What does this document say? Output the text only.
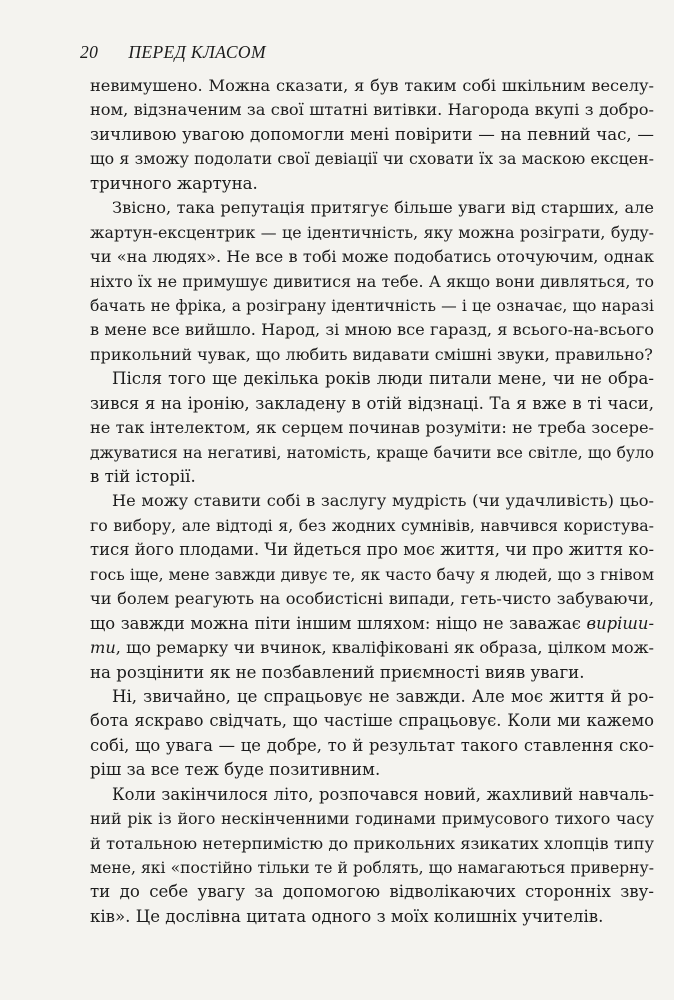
20 ПЕРЕД КЛАСОМ
невимушено. Можна сказати, я був таким собі шкільним веселу-
ном, відзначеним за свої штатні витівки. Нагорода вкупі з добро-
зичливою увагою допомогли мені повірити — на певний час, —
що я зможу подолати свої девіації чи сховати їх за маскою ексцен-
тричного жартуна.
Звісно, така репутація притягує більше уваги від старших, але
жартун-ексцентрик — це ідентичність, яку можна розіграти, буду-
чи «на людях». Не все в тобі може подобатись оточуючим, однак
ніхто їх не примушує дивитися на тебе. А якщо вони дивляться, то
бачать не фріка, а розіграну ідентичність — і це означає, що наразі
в мене все вийшло. Народ, зі мною все гаразд, я всього-на-всього
прикольний чувак, що любить видавати смішні звуки, правильно?
Після того ще декілька років люди питали мене, чи не обра-
зився я на іронію, закладену в отій відзнаці. Та я вже в ті часи,
не так інтелектом, як серцем починав розуміти: не треба зосере-
джуватися на негативі, натомість, краще бачити все світле, що було
в тій історії.
Не можу ставити собі в заслугу мудрість (чи удачливість) цьо-
го вибору, але відтоді я, без жодних сумнівів, навчився користува-
тися його плодами. Чи йдеться про моє життя, чи про життя ко-
гось іще, мене завжди дивує те, як часто бачу я людей, що з гнівом
чи болем реагують на особистісні випади, геть-чисто забуваючи,
що завжди можна піти іншим шляхом: ніщо не заважає виріши-
ти, що ремарку чи вчинок, кваліфіковані як образа, цілком мож-
на розцінити як не позбавлений приємності вияв уваги.
Ні, звичайно, це спрацьовує не завжди. Але моє життя й ро-
бота яскраво свідчать, що частіше спрацьовує. Коли ми кажемо
собі, що увага — це добре, то й результат такого ставлення ско-
ріш за все теж буде позитивним.
Коли закінчилося літо, розпочався новий, жахливий навчаль-
ний рік із його нескінченними годинами примусового тихого часу
й тотальною нетерпимістю до прикольних язикатих хлопців типу
мене, які «постійно тільки те й роблять, що намагаються приверну-
ти до себе увагу за допомогою відволікаючих сторонніх зву-
ків». Це дослівна цитата одного з моїх колишніх учителів.
